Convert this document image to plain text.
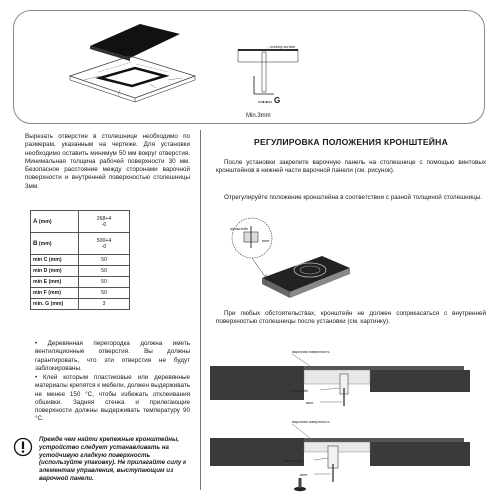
worktop surface
G
Min.3mm

Вырезать отверстие в столешнице необходимо по размерам, указанным на чертеже. Для установки необходимо оставить минимум 50 мм вокруг отверстия. Минимальная толщина рабочей поверхности 30 мм. Безопасное расстояние между сторонами варочной поверхности и внутренней поверхностью столешницы 3мм.

A (mm)	268+4
-0
B (mm)	500+4
-0
min C (mm)	50
min D (mm)	50
min E (mm)	50
min F (mm)	50
min. G (mm)	3

• Деревянная перегородка должна иметь вентиляционные отверстия. Вы должны гарантировать, что эти отверстия не будут заблокированы.

• Клей которым пластиковые или деревянные материалы крепятся к мебели, должен выдерживать не менее 150 °С, чтобы избежать отклеивания обшивки. Задняя стенка и прилегающие поверхности должны выдерживать температуру 90 °С.

Прежде чем найти крепежные кронштейны, устройство следует устанавливать на устойчивую гладкую поверхность (используйте упаковку). Не прилагайте силу к элементам управления, выступающим из варочной панели.

РЕГУЛИРОВКА ПОЛОЖЕНИЯ КРОНШТЕЙНА

После установки закрепите варочную панель на столешнице с помощью винтовых кронштейнов в нижней части варочной панели (см. рисунок).

Отрегулируйте положение кронштейна в соответствии с разной толщиной столешницы.

кронштейн
винт

При любых обстоятельствах, кронштейн не должен соприкасаться с внутренней поверхностью столешницы после установки (см. картинку).

варочная поверхность
кронштейн
винт
варочная поверхность
кронштейн
винт
